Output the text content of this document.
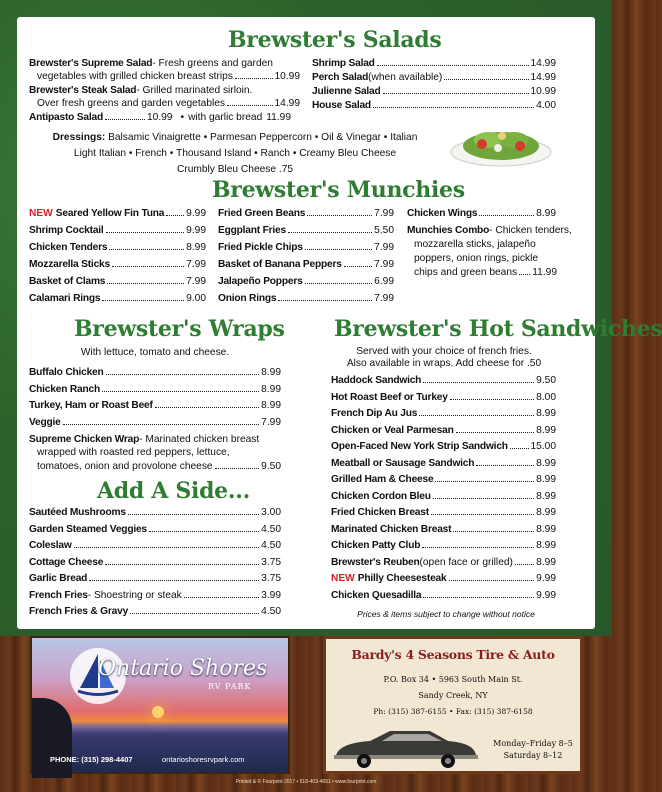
Brewster's Salads
Brewster's Supreme Salad - Fresh greens and garden
vegetables with grilled chicken breast strips	10.99
Brewster's Steak Salad - Grilled marinated sirloin.
Over fresh greens and garden vegetables	14.99
Antipasto Salad	10.99 • with garlic bread 11.99
Shrimp Salad	14.99
Perch Salad (when available)	14.99
Julienne Salad	10.99
House Salad	4.00
Dressings: Balsamic Vinaigrette • Parmesan Peppercorn • Oil & Vinegar • Italian
Light Italian • French • Thousand Island • Ranch • Creamy Bleu Cheese
Crumbly Bleu Cheese .75
Brewster's Munchies
NEW Seared Yellow Fin Tuna 9.99
Shrimp Cocktail	9.99
Chicken Tenders	8.99
Mozzarella Sticks	7.99
Basket of Clams	7.99
Calamari Rings	9.00
Fried Green Beans	7.99
Eggplant Fries	5.50
Fried Pickle Chips	7.99
Basket of Banana Peppers	7.99
Jalapeño Poppers	6.99
Onion Rings	7.99
Chicken Wings	8.99
Munchies Combo - Chicken tenders,
mozzarella sticks, jalapeño
poppers, onion rings, pickle
chips and green beans 11.99
Brewster's Wraps
With lettuce, tomato and cheese.
Buffalo Chicken	8.99
Chicken Ranch	8.99
Turkey, Ham or Roast Beef	8.99
Veggie	7.99
Supreme Chicken Wrap - Marinated chicken breast
wrapped with roasted red peppers, lettuce,
tomatoes, onion and provolone cheese	9.50
Add A Side...
Sautéed Mushrooms	3.00
Garden Steamed Veggies	4.50
Coleslaw	4.50
Cottage Cheese	3.75
Garlic Bread	3.75
French Fries - Shoestring or steak	3.99
French Fries & Gravy	4.50
Brewster's Hot Sandwiches
Served with your choice of french fries.
Also available in wraps. Add cheese for .50
Haddock Sandwich	9.50
Hot Roast Beef or Turkey	8.00
French Dip Au Jus	8.99
Chicken or Veal Parmesan	8.99
Open-Faced New York Strip Sandwich 15.00
Meatball or Sausage Sandwich	8.99
Grilled Ham & Cheese	8.99
Chicken Cordon Bleu	8.99
Fried Chicken Breast	8.99
Marinated Chicken Breast	8.99
Chicken Patty Club	8.99
Brewster's Reuben (open face or grilled) 8.99
NEW Philly Cheesesteak	9.99
Chicken Quesadilla	9.99
Prices & items subject to change without notice
Ontario Shores
RV PARK
PHONE: (315) 298-4407	ontarioshoresrvpark.com
Bardy's 4 Seasons Tire & Auto
P.O. Box 34 • 5963 South Main St.
Sandy Creek, NY
Ph: (315) 387-6155 • Fax: (315) 387-6158
Monday–Friday 8–5
Saturday 8–12
Printed & © Fourprint 2017 • 518-403-4651 • www.fourprint.com
